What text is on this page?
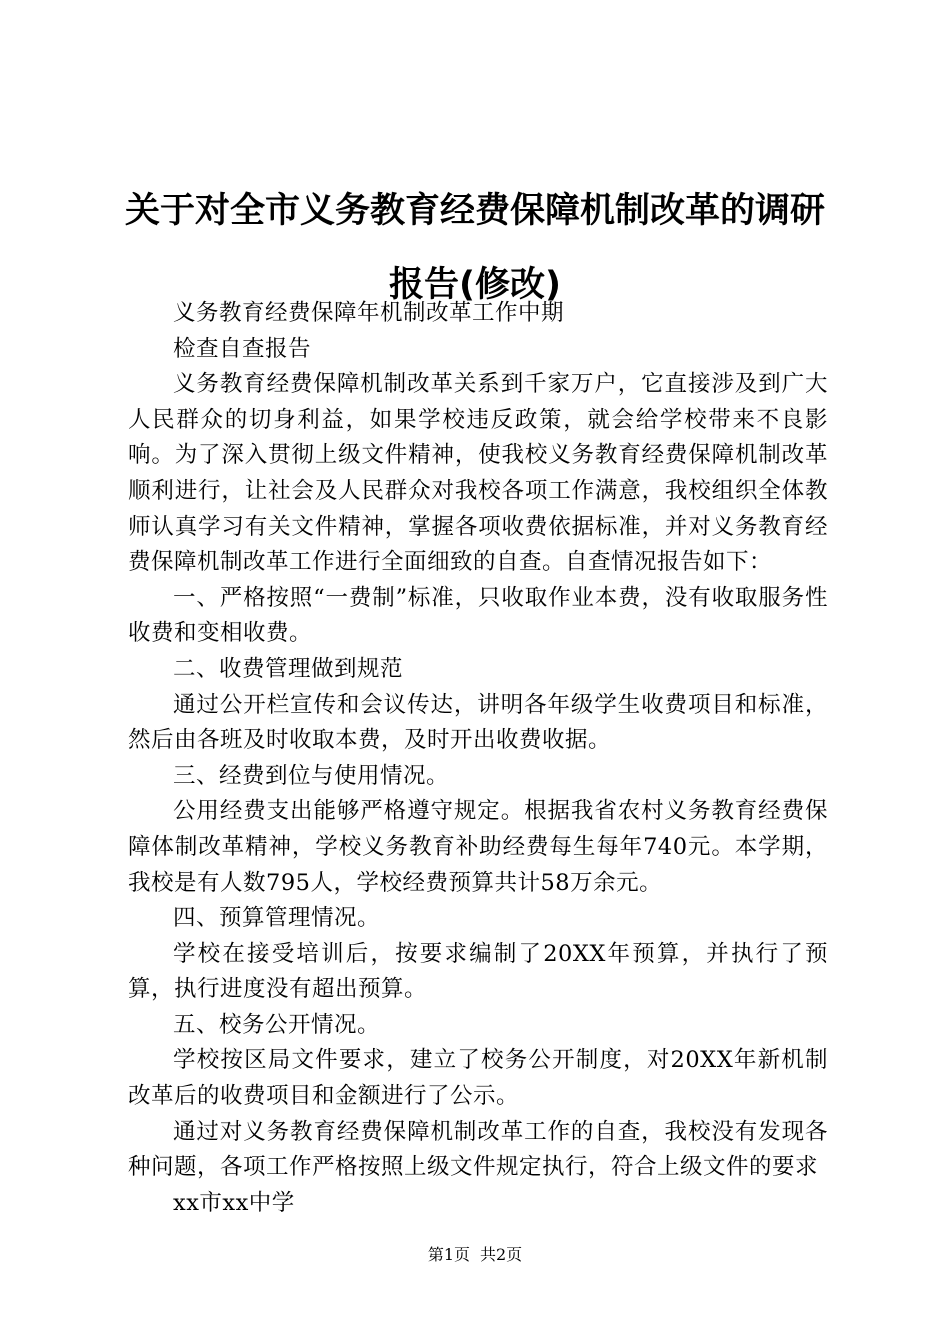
关于对全市义务教育经费保障机制改革的调研
报告(修改)

义务教育经费保障年机制改革工作中期

检查自查报告

义务教育经费保障机制改革关系到千家万户，它直接涉及到广大人民群众的切身利益，如果学校违反政策，就会给学校带来不良影响。为了深入贯彻上级文件精神，使我校义务教育经费保障机制改革顺利进行，让社会及人民群众对我校各项工作满意，我校组织全体教师认真学习有关文件精神，掌握各项收费依据标准，并对义务教育经费保障机制改革工作进行全面细致的自查。自查情况报告如下：

一、严格按照“一费制”标准，只收取作业本费，没有收取服务性收费和变相收费。

二、收费管理做到规范

通过公开栏宣传和会议传达，讲明各年级学生收费项目和标准，然后由各班及时收取本费，及时开出收费收据。

三、经费到位与使用情况。

公用经费支出能够严格遵守规定。根据我省农村义务教育经费保障体制改革精神，学校义务教育补助经费每生每年740元。本学期，我校是有人数795人，学校经费预算共计58万余元。

四、预算管理情况。

学校在接受培训后，按要求编制了20XX年预算，并执行了预算，执行进度没有超出预算。

五、校务公开情况。

学校按区局文件要求，建立了校务公开制度，对20XX年新机制改革后的收费项目和金额进行了公示。

通过对义务教育经费保障机制改革工作的自查，我校没有发现各种问题，各项工作严格按照上级文件规定执行，符合上级文件的要求

xx市xx中学

第1页 共2页
